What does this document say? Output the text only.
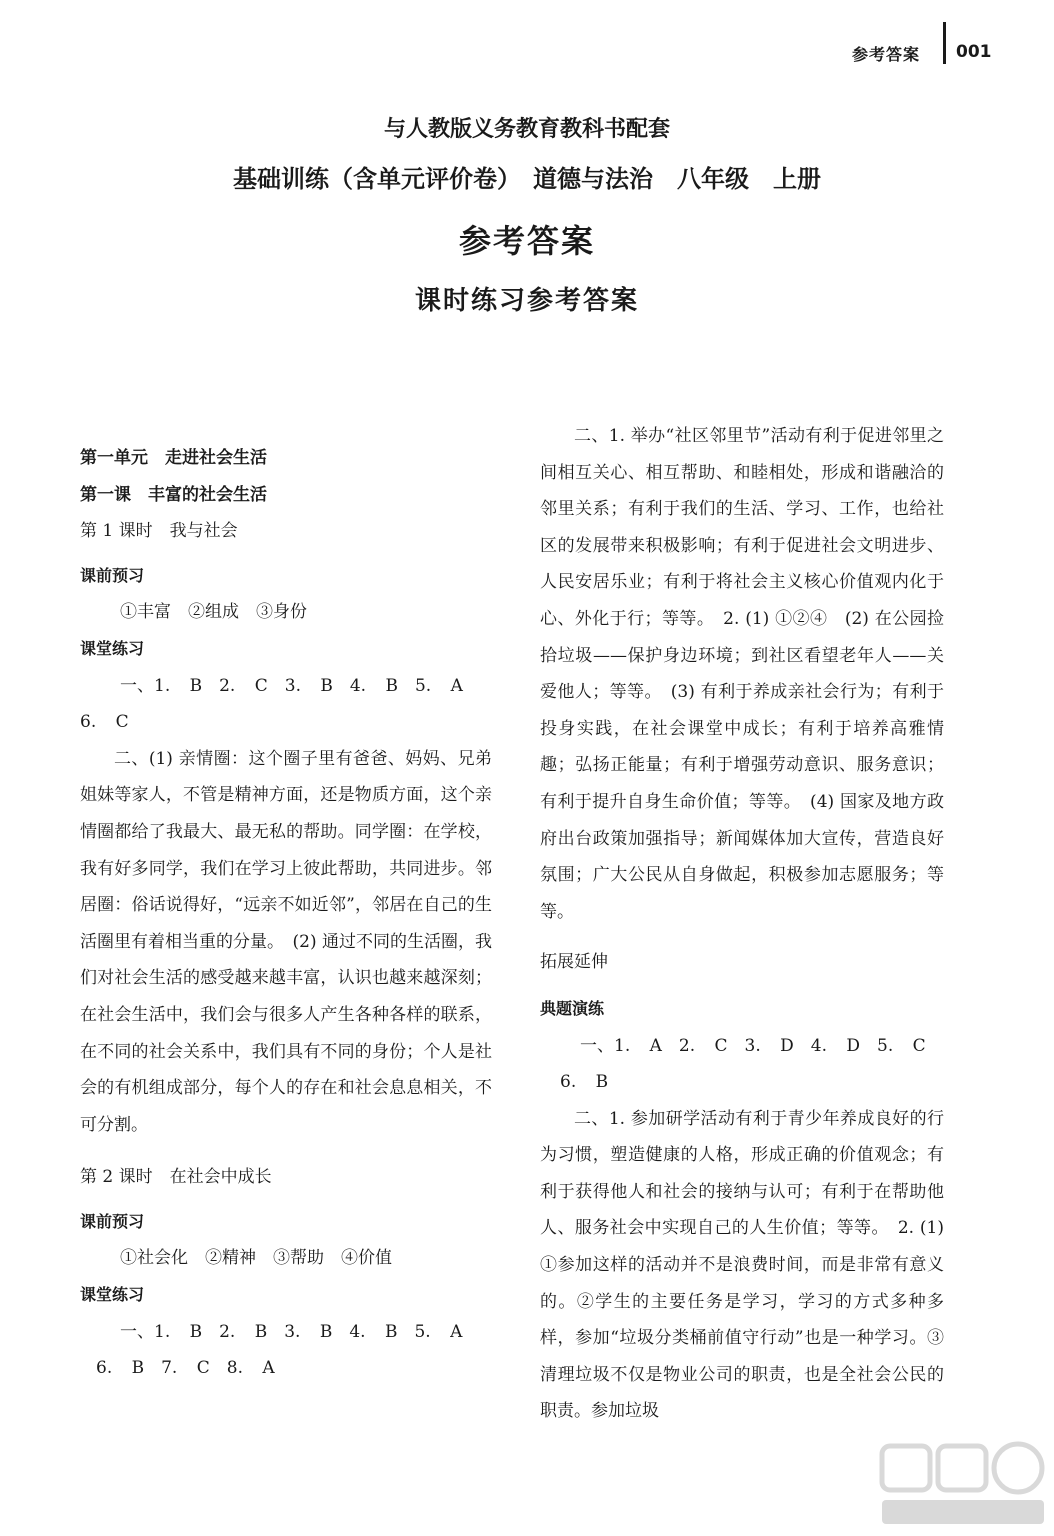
参考答案 001
与人教版义务教育教科书配套
基础训练（含单元评价卷）　道德与法治　八年级　上册
参考答案
课时练习参考答案

第一单元　走进社会生活

第一课　丰富的社会生活

第 1 课时　我与社会

课前预习

①丰富　②组成　③身份

课堂练习

一、1. B　2. C　3. B　4. B　5. A

6. C

二、(1) 亲情圈：这个圈子里有爸爸、妈妈、兄弟姐妹等家人，不管是精神方面，还是物质方面，这个亲情圈都给了我最大、最无私的帮助。同学圈：在学校，我有好多同学，我们在学习上彼此帮助，共同进步。邻居圈：俗话说得好，“远亲不如近邻”，邻居在自己的生活圈里有着相当重的分量。　(2) 通过不同的生活圈，我们对社会生活的感受越来越丰富，认识也越来越深刻；在社会生活中，我们会与很多人产生各种各样的联系，在不同的社会关系中，我们具有不同的身份；个人是社会的有机组成部分，每个人的存在和社会息息相关，不可分割。

第 2 课时　在社会中成长

课前预习

①社会化　②精神　③帮助　④价值

课堂练习

一、1. B　2. B　3. B　4. B　5. A

6. B　7. C　8. A

二、1. 举办“社区邻里节”活动有利于促进邻里之间相互关心、相互帮助、和睦相处，形成和谐融洽的邻里关系；有利于我们的生活、学习、工作，也给社区的发展带来积极影响；有利于促进社会文明进步、人民安居乐业；有利于将社会主义核心价值观内化于心、外化于行；等等。　2. (1) ①②④　(2) 在公园捡拾垃圾——保护身边环境；到社区看望老年人——关爱他人；等等。　(3) 有利于养成亲社会行为；有利于投身实践，在社会课堂中成长；有利于培养高雅情趣；弘扬正能量；有利于增强劳动意识、服务意识；有利于提升自身生命价值；等等。　(4) 国家及地方政府出台政策加强指导；新闻媒体加大宣传，营造良好氛围；广大公民从自身做起，积极参加志愿服务；等等。

拓展延伸

典题演练

一、1. A　2. C　3. D　4. D　5. C

6. B

二、1. 参加研学活动有利于青少年养成良好的行为习惯，塑造健康的人格，形成正确的价值观念；有利于获得他人和社会的接纳与认可；有利于在帮助他人、服务社会中实现自己的人生价值；等等。　2. (1) ①参加这样的活动并不是浪费时间，而是非常有意义的。②学生的主要任务是学习，学习的方式多种多样，参加“垃圾分类桶前值守行动”也是一种学习。③清理垃圾不仅是物业公司的职责，也是全社会公民的职责。参加垃圾
